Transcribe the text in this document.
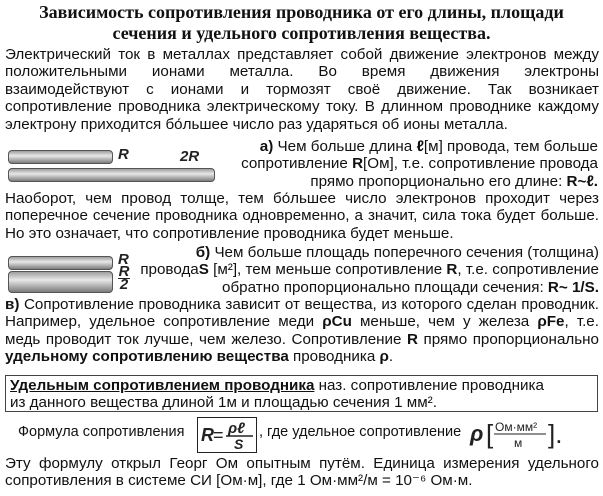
Зависимость сопротивления проводника от его длины, площади
сечения и удельного сопротивления вещества.
Электрический ток в металлах представляет собой движение электронов между положительными ионами металла. Во время движения электроны взаимодействуют с ионами и тормозят своё движение. Так возникает сопротивление проводника электрическому току. В длинном проводнике каждому электрону приходится бо́льшее число раз ударяться об ионы металла.
R	2R
а) Чем больше длина ℓ[м] провода, тем больше сопротивление R[Ом], т.е. сопротивление провода прямо пропорционально его длине: R~ℓ.
Наоборот, чем провод толще, тем бо́льшее число электронов проходит через поперечное сечение проводника одновременно, а значит, сила тока будет больше. Но это означает, что сопротивление проводника будет меньше.
R
$\frac{R}{2}$
б) Чем больше площадь поперечного сечения (толщина) проводаS [м²], тем меньше сопротивление R, т.е. сопротивление обратно пропорционально площади сечения: R~ 1/S.
в) Сопротивление проводника зависит от вещества, из которого сделан проводник. Например, удельное сопротивление меди ρCu меньше, чем у железа ρFe, т.е. медь проводит ток лучше, чем железо. Сопротивление R прямо пропорционально удельному сопротивлению вещества проводника ρ.
Удельным сопротивлением проводника наз. сопротивление проводника
из данного вещества длиной 1м и площадью сечения 1 мм².
Формула сопротивления R = ρℓ
S
, где удельное сопротивление ρ [ Ом·мм²
м ].
Эту формулу открыл Георг Ом опытным путём. Единица измерения удельного сопротивления в системе СИ [Ом·м], где 1 Ом·мм²/м = 10⁻⁶ Ом·м.
